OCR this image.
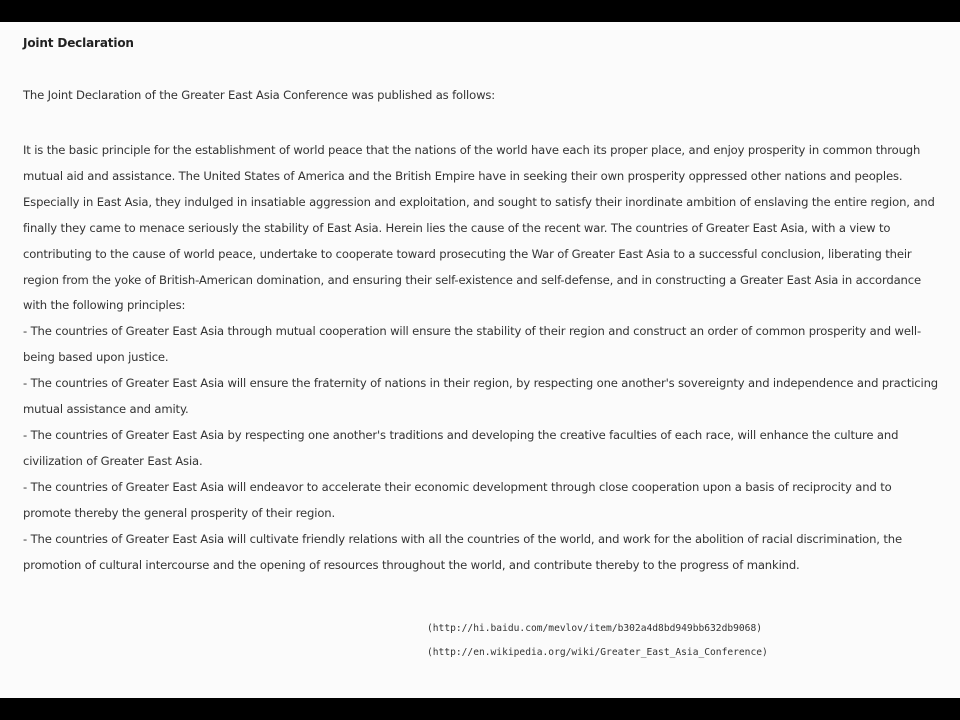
Joint Declaration
The Joint Declaration of the Greater East Asia Conference was published as follows:
It is the basic principle for the establishment of world peace that the nations of the world have each its proper place, and enjoy prosperity in common through mutual aid and assistance. The United States of America and the British Empire have in seeking their own prosperity oppressed other nations and peoples. Especially in East Asia, they indulged in insatiable aggression and exploitation, and sought to satisfy their inordinate ambition of enslaving the entire region, and finally they came to menace seriously the stability of East Asia. Herein lies the cause of the recent war. The countries of Greater East Asia, with a view to contributing to the cause of world peace, undertake to cooperate toward prosecuting the War of Greater East Asia to a successful conclusion, liberating their region from the yoke of British-American domination, and ensuring their self-existence and self-defense, and in constructing a Greater East Asia in accordance with the following principles:
- The countries of Greater East Asia through mutual cooperation will ensure the stability of their region and construct an order of common prosperity and well-being based upon justice.
- The countries of Greater East Asia will ensure the fraternity of nations in their region, by respecting one another's sovereignty and independence and practicing mutual assistance and amity.
- The countries of Greater East Asia by respecting one another's traditions and developing the creative faculties of each race, will enhance the culture and civilization of Greater East Asia.
- The countries of Greater East Asia will endeavor to accelerate their economic development through close cooperation upon a basis of reciprocity and to promote thereby the general prosperity of their region.
- The countries of Greater East Asia will cultivate friendly relations with all the countries of the world, and work for the abolition of racial discrimination, the promotion of cultural intercourse and the opening of resources throughout the world, and contribute thereby to the progress of mankind.
(http://hi.baidu.com/mevlov/item/b302a4d8bd949bb632db9068)
(http://en.wikipedia.org/wiki/Greater_East_Asia_Conference)
